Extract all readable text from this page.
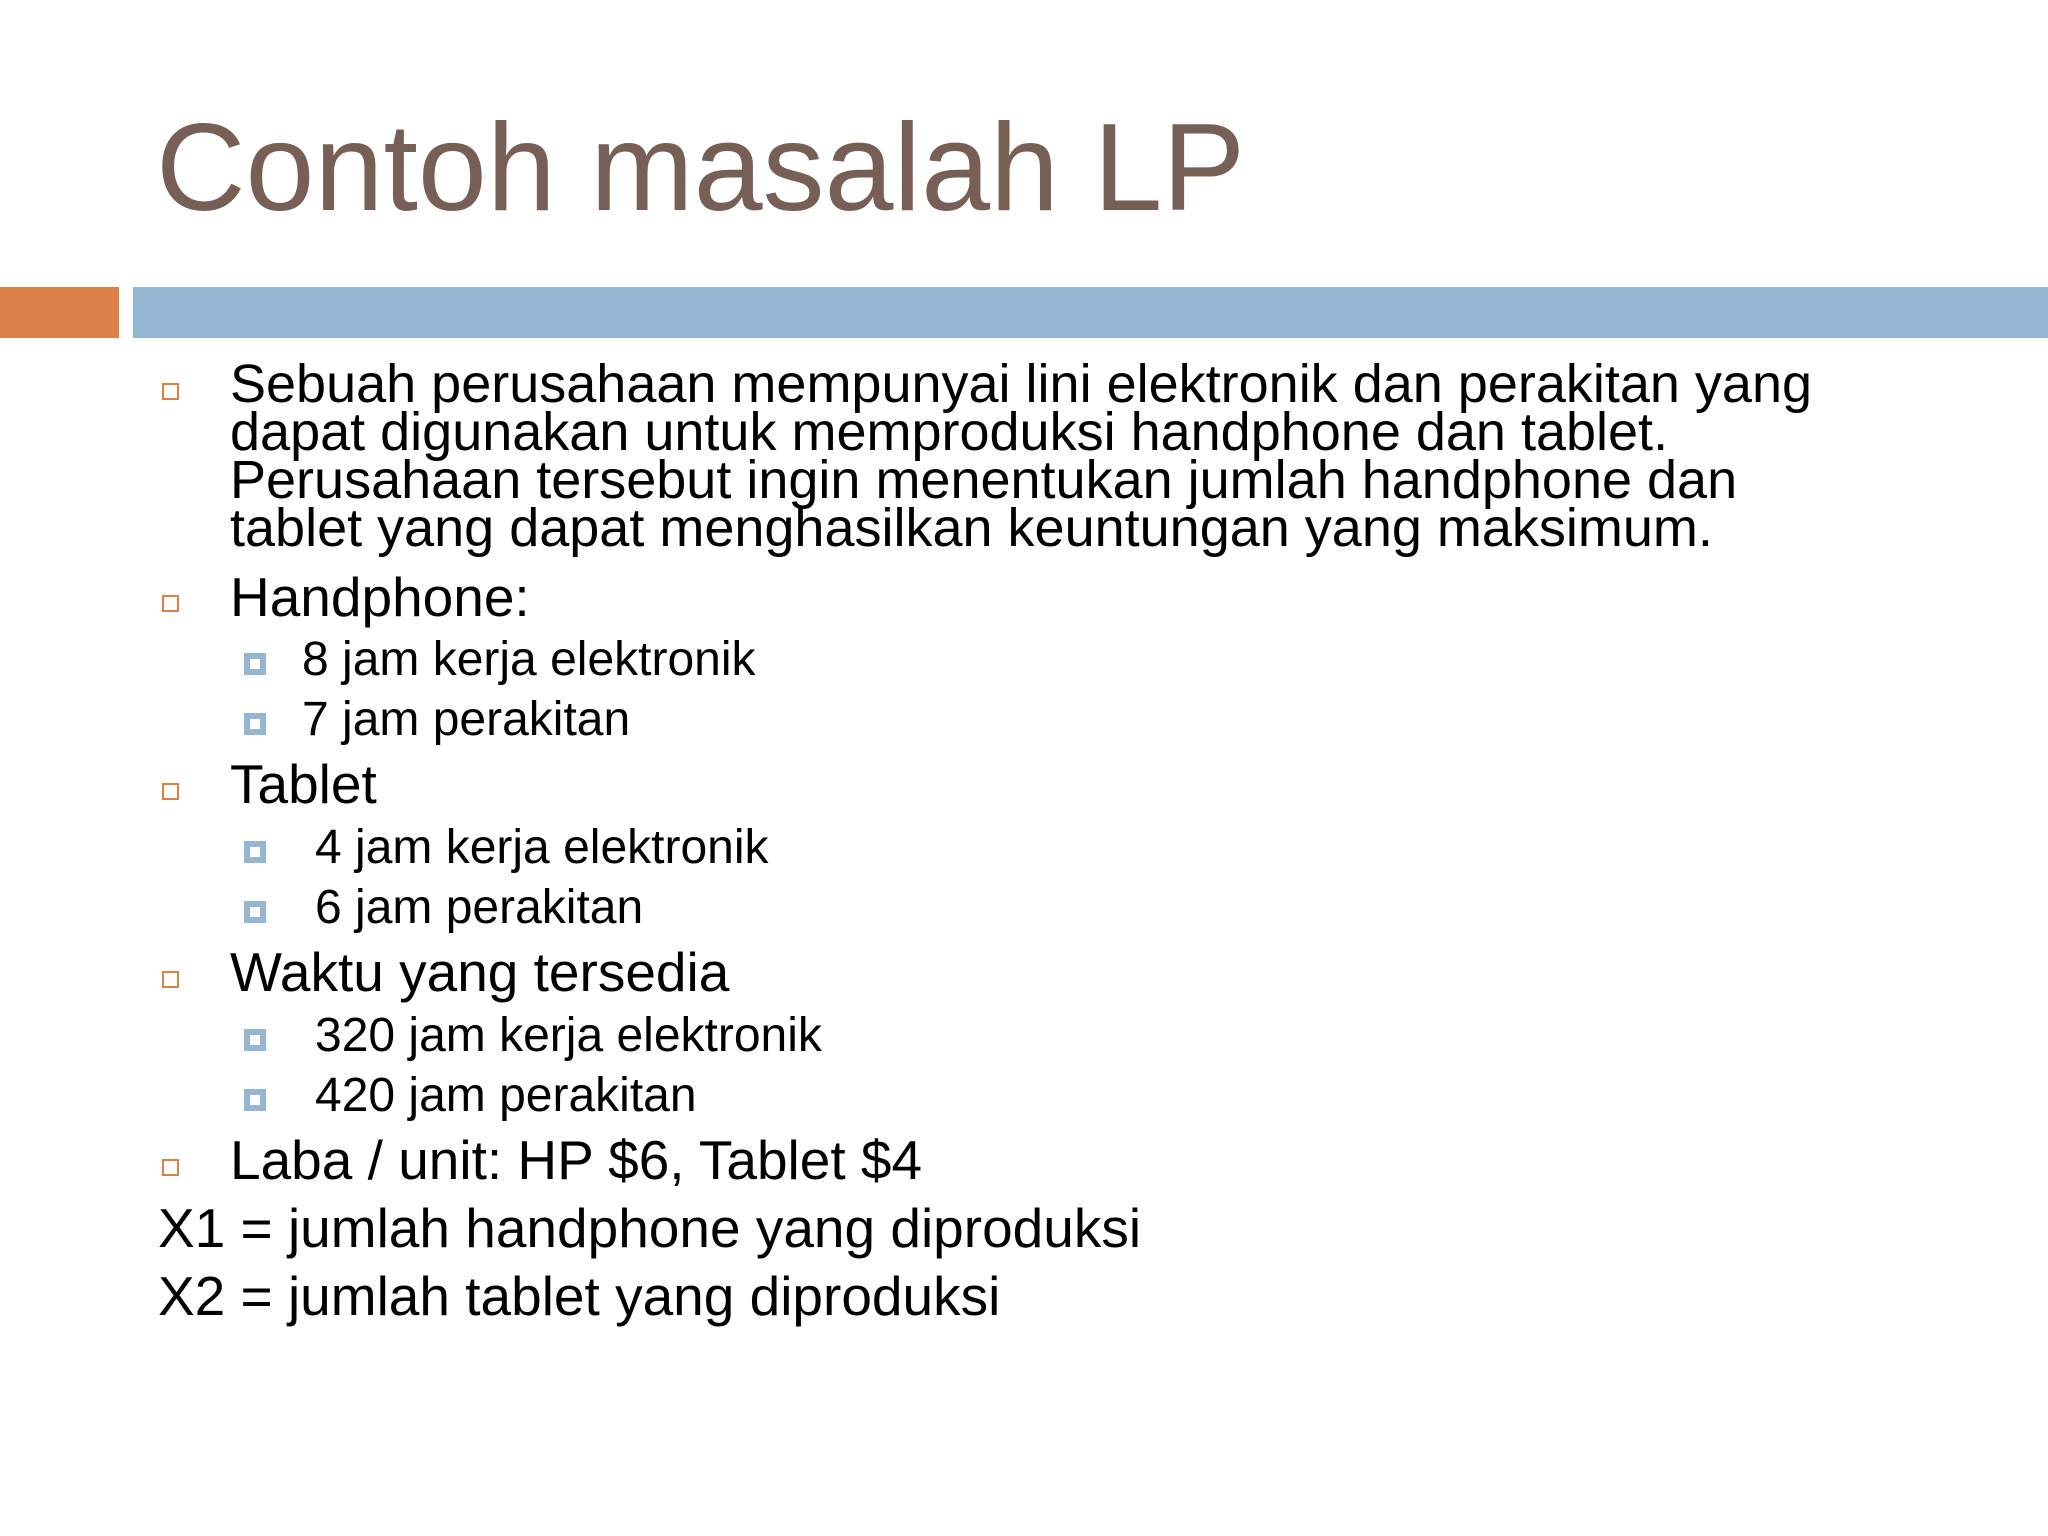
Contoh masalah LP
Sebuah perusahaan mempunyai lini elektronik dan perakitan yang
dapat digunakan untuk memproduksi handphone dan tablet.
Perusahaan tersebut ingin menentukan jumlah handphone dan
tablet yang dapat menghasilkan keuntungan yang maksimum.
Handphone:
8 jam kerja elektronik
7 jam perakitan
Tablet
4 jam kerja elektronik
6 jam perakitan
Waktu yang tersedia
320 jam kerja elektronik
420 jam perakitan
Laba / unit: HP $6, Tablet $4
X1 = jumlah handphone yang diproduksi
X2 = jumlah tablet yang diproduksi
